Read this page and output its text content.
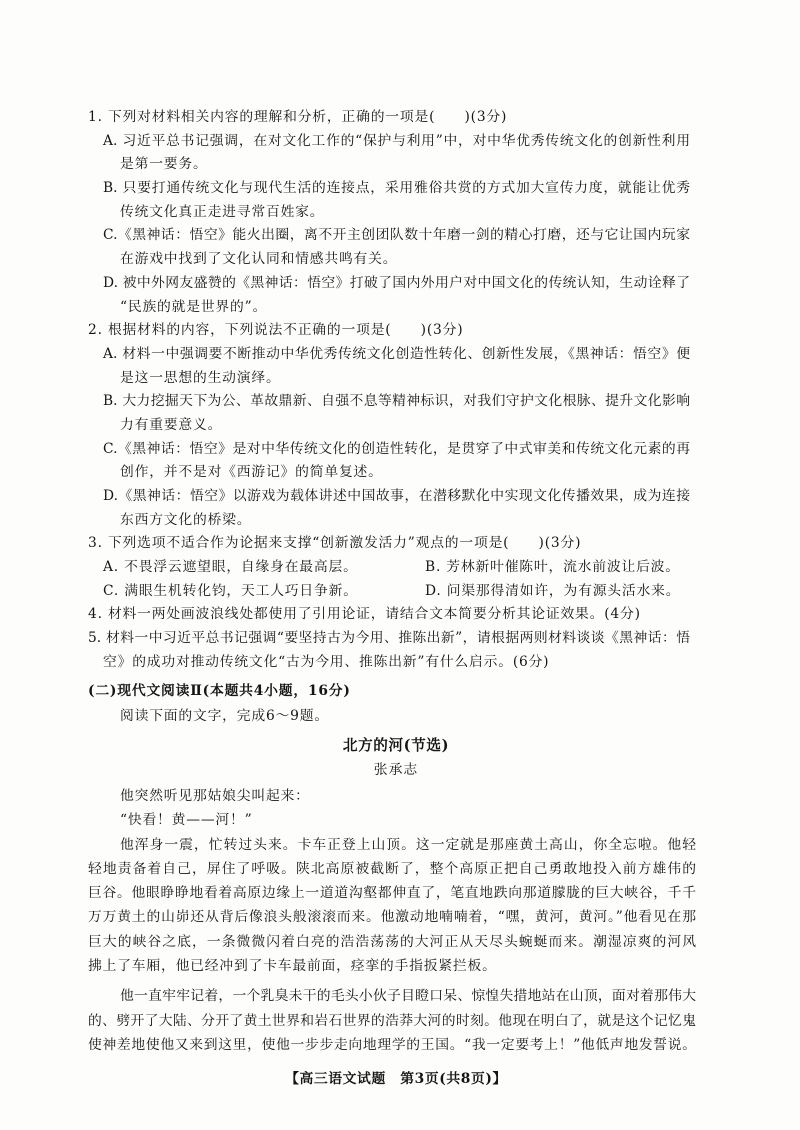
1. 下列对材料相关内容的理解和分析，正确的一项是(　　)(3分)
A. 习近平总书记强调，在对文化工作的“保护与利用”中，对中华优秀传统文化的创新性利用
是第一要务。
B. 只要打通传统文化与现代生活的连接点，采用雅俗共赏的方式加大宣传力度，就能让优秀
传统文化真正走进寻常百姓家。
C.《黑神话：悟空》能火出圈，离不开主创团队数十年磨一剑的精心打磨，还与它让国内玩家
在游戏中找到了文化认同和情感共鸣有关。
D. 被中外网友盛赞的《黑神话：悟空》打破了国内外用户对中国文化的传统认知，生动诠释了
“民族的就是世界的”。
2. 根据材料的内容，下列说法不正确的一项是(　　)(3分)
A. 材料一中强调要不断推动中华优秀传统文化创造性转化、创新性发展，《黑神话：悟空》便
是这一思想的生动演绎。
B. 大力挖掘天下为公、革故鼎新、自强不息等精神标识，对我们守护文化根脉、提升文化影响
力有重要意义。
C.《黑神话：悟空》是对中华传统文化的创造性转化，是贯穿了中式审美和传统文化元素的再
创作，并不是对《西游记》的简单复述。
D.《黑神话：悟空》以游戏为载体讲述中国故事，在潜移默化中实现文化传播效果，成为连接
东西方文化的桥梁。
3. 下列选项不适合作为论据来支撑“创新激发活力”观点的一项是(　　)(3分)
A. 不畏浮云遮望眼，自缘身在最高层。	B. 芳林新叶催陈叶，流水前波让后波。
C. 满眼生机转化钧，天工人巧日争新。	D. 问渠那得清如许，为有源头活水来。
4. 材料一两处画波浪线处都使用了引用论证，请结合文本简要分析其论证效果。(4分)
5. 材料一中习近平总书记强调“要坚持古为今用、推陈出新”，请根据两则材料谈谈《黑神话：悟
空》的成功对推动传统文化“古为今用、推陈出新”有什么启示。(6分)
(二)现代文阅读Ⅱ(本题共4小题，16分)
阅读下面的文字，完成6～9题。
北方的河(节选)
张承志
他突然听见那姑娘尖叫起来：
“快看！黄——河！”
他浑身一震，忙转过头来。卡车正登上山顶。这一定就是那座黄土高山，你全忘啦。他轻
轻地责备着自己，屏住了呼吸。陕北高原被截断了，整个高原正把自己勇敢地投入前方雄伟的
巨谷。他眼睁睁地看着高原边缘上一道道沟壑都伸直了，笔直地跌向那道朦胧的巨大峡谷，千千
万万黄土的山峁还从背后像浪头般滚滚而来。他激动地喃喃着，“嘿，黄河，黄河。”他看见在那
巨大的峡谷之底，一条微微闪着白亮的浩浩荡荡的大河正从天尽头蜿蜒而来。潮湿凉爽的河风
拂上了车厢，他已经冲到了卡车最前面，痉挛的手指扳紧拦板。
他一直牢牢记着，一个乳臭未干的毛头小伙子目瞪口呆、惊惶失措地站在山顶，面对着那伟大
的、劈开了大陆、分开了黄土世界和岩石世界的浩莽大河的时刻。他现在明白了，就是这个记忆鬼
使神差地使他又来到这里，使他一步步走向地理学的王国。“我一定要考上！”他低声地发誓说。
【高三语文试题　第3页(共8页)】
